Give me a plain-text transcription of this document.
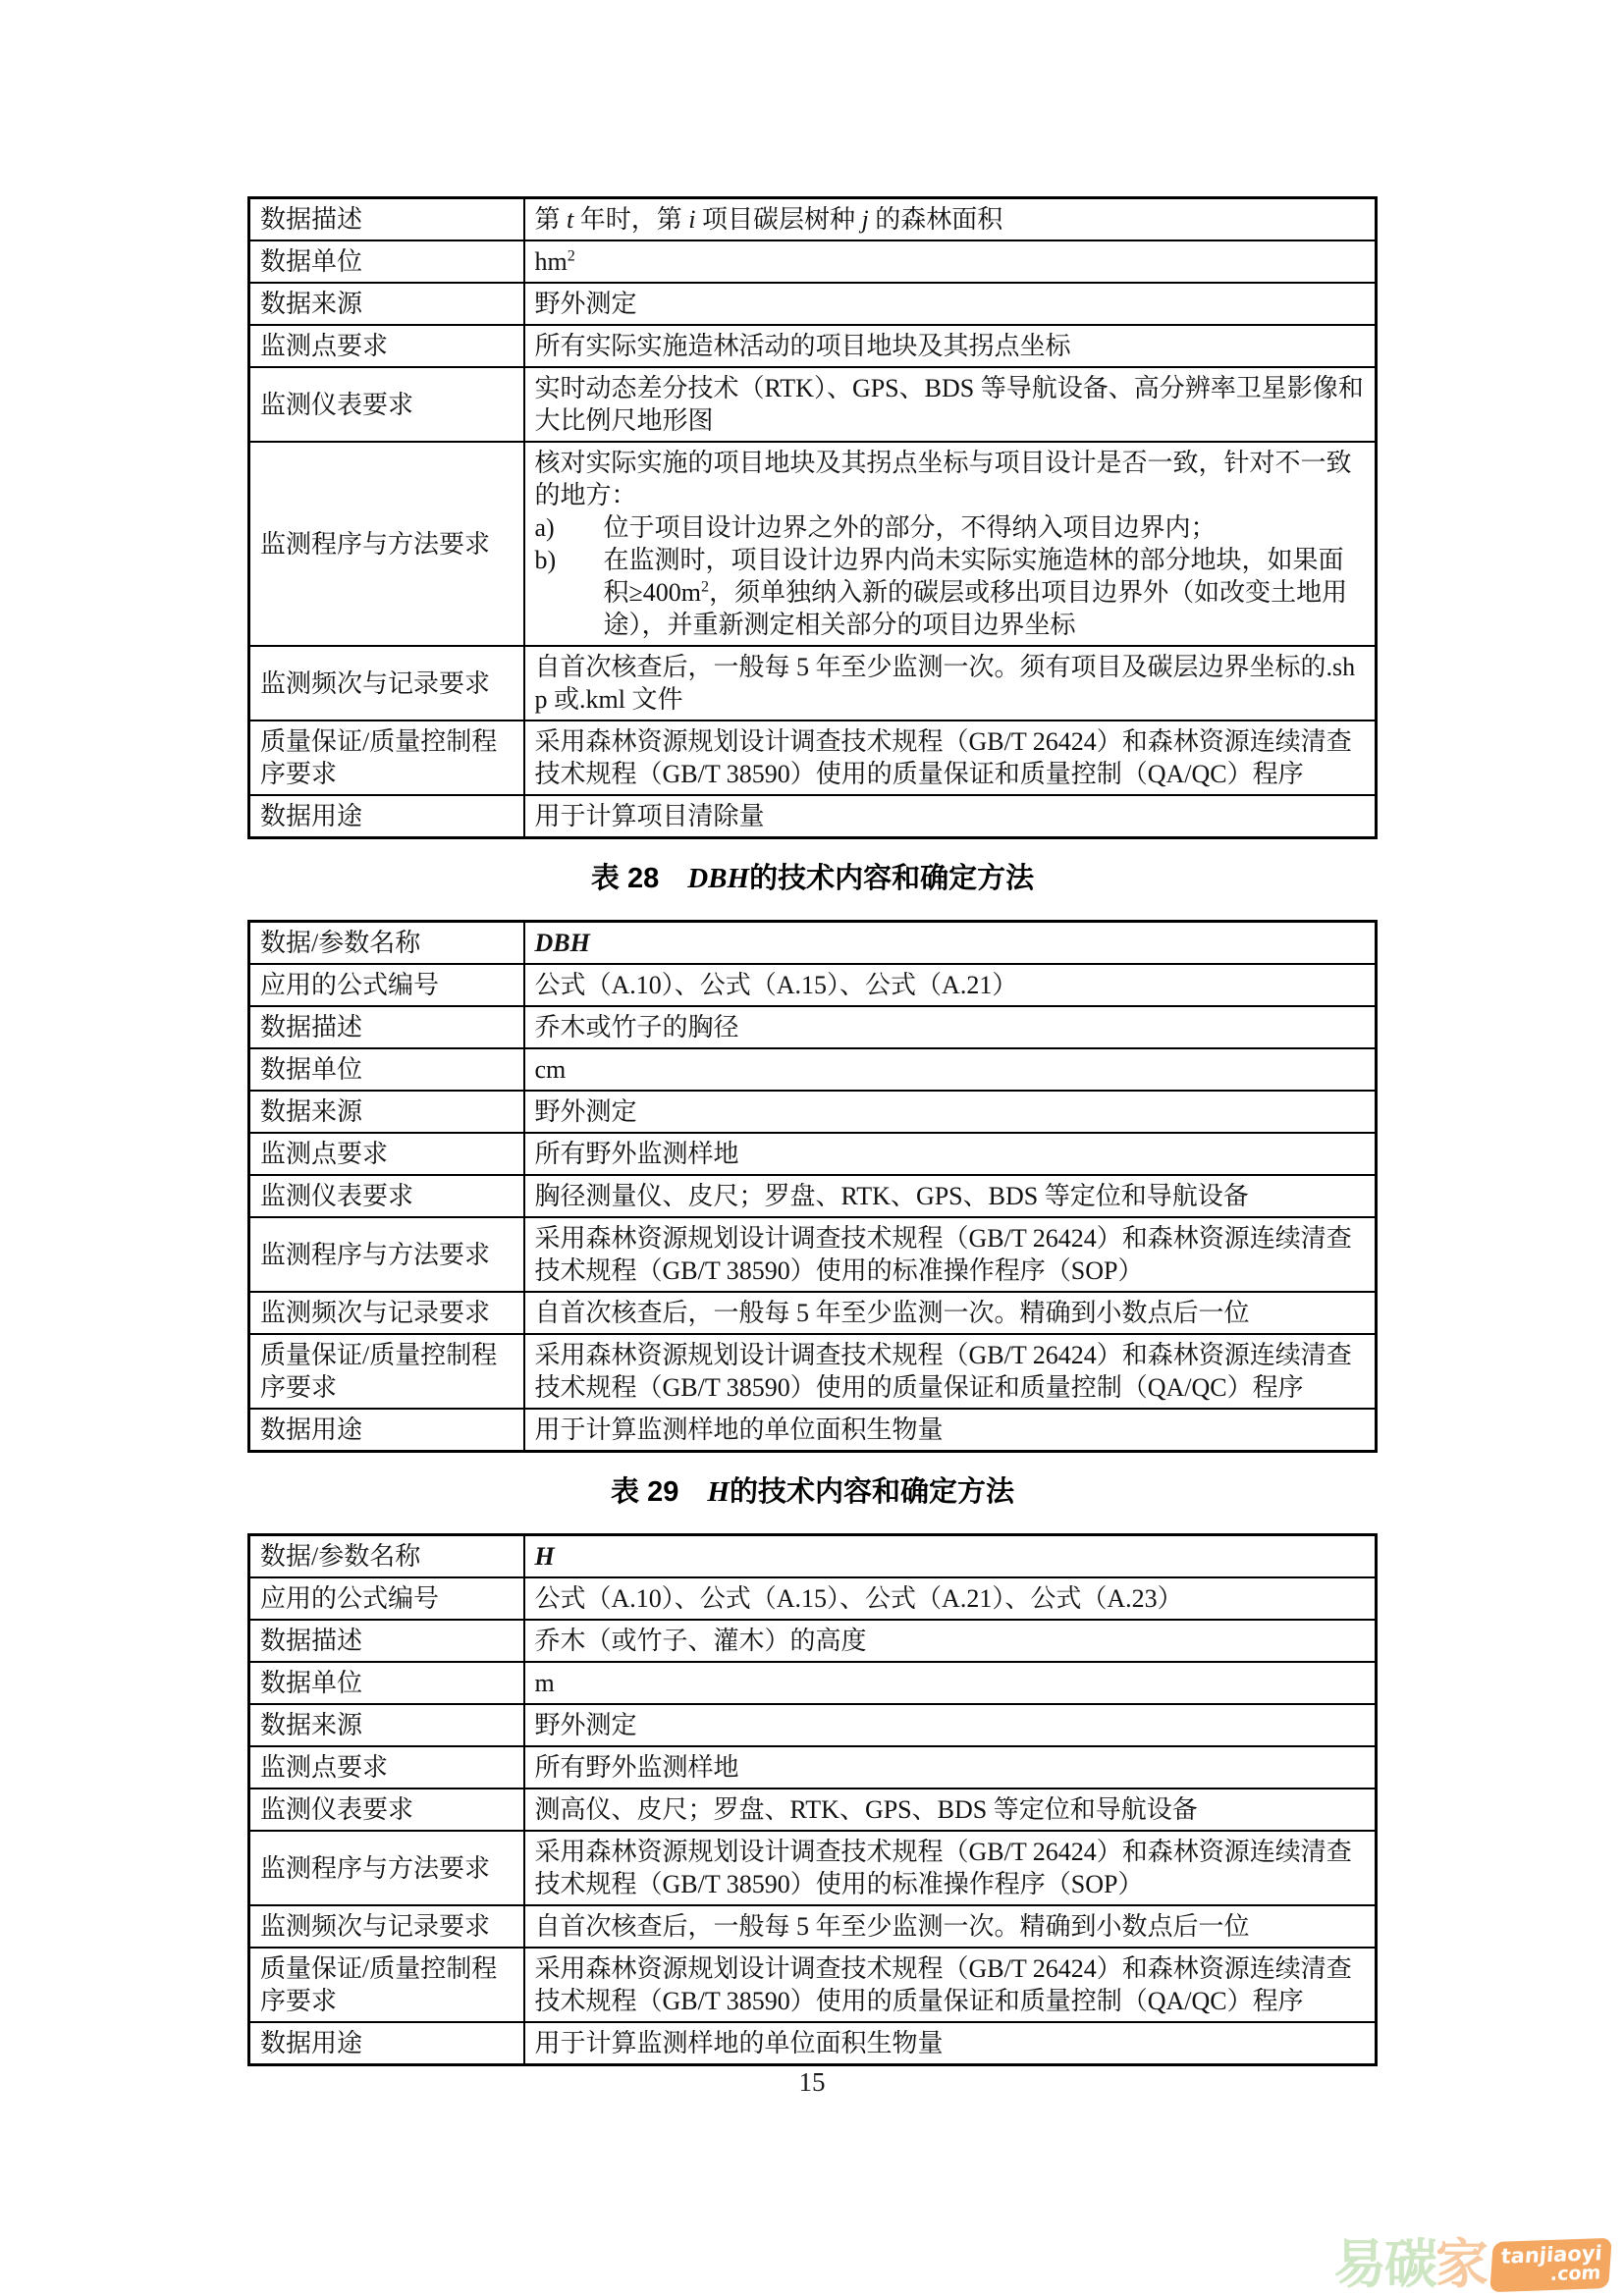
数据描述	第 t 年时，第 i 项目碳层树种 j 的森林面积

数据单位	$hm^2$

数据来源	野外测定

监测点要求	所有实际实施造林活动的项目地块及其拐点坐标

监测仪表要求	实时动态差分技术（RTK）、GPS、BDS 等导航设备、高分辨率卫星影像和大比例尺地形图

监测程序与方法要求	核对实际实施的项目地块及其拐点坐标与项目设计是否一致，针对不一致的地方：
a) 位于项目设计边界之外的部分，不得纳入项目边界内；
b) 在监测时，项目设计边界内尚未实际实施造林的部分地块，如果面积$\ge 400m^2$，须单独纳入新的碳层或移出项目边界外（如改变土地用途），并重新测定相关部分的项目边界坐标

监测频次与记录要求	自首次核查后，一般每 5 年至少监测一次。须有项目及碳层边界坐标的.shp 或.kml 文件

质量保证/质量控制程序要求	采用森林资源规划设计调查技术规程（GB/T 26424）和森林资源连续清查技术规程（GB/T 38590）使用的质量保证和质量控制（QA/QC）程序

数据用途	用于计算项目清除量
表 28　DBH的技术内容和确定方法
数据/参数名称	DBH

应用的公式编号	公式（A.10）、公式（A.15）、公式（A.21）

数据描述	乔木或竹子的胸径

数据单位	cm

数据来源	野外测定

监测点要求	所有野外监测样地

监测仪表要求	胸径测量仪、皮尺；罗盘、RTK、GPS、BDS 等定位和导航设备

监测程序与方法要求	采用森林资源规划设计调查技术规程（GB/T 26424）和森林资源连续清查技术规程（GB/T 38590）使用的标准操作程序（SOP）

监测频次与记录要求	自首次核查后，一般每 5 年至少监测一次。精确到小数点后一位

质量保证/质量控制程序要求	采用森林资源规划设计调查技术规程（GB/T 26424）和森林资源连续清查技术规程（GB/T 38590）使用的质量保证和质量控制（QA/QC）程序

数据用途	用于计算监测样地的单位面积生物量
表 29　H的技术内容和确定方法
数据/参数名称	H

应用的公式编号	公式（A.10）、公式（A.15）、公式（A.21）、公式（A.23）

数据描述	乔木（或竹子、灌木）的高度

数据单位	m

数据来源	野外测定

监测点要求	所有野外监测样地

监测仪表要求	测高仪、皮尺；罗盘、RTK、GPS、BDS 等定位和导航设备

监测程序与方法要求	采用森林资源规划设计调查技术规程（GB/T 26424）和森林资源连续清查技术规程（GB/T 38590）使用的标准操作程序（SOP）

监测频次与记录要求	自首次核查后，一般每 5 年至少监测一次。精确到小数点后一位

质量保证/质量控制程序要求	采用森林资源规划设计调查技术规程（GB/T 26424）和森林资源连续清查技术规程（GB/T 38590）使用的质量保证和质量控制（QA/QC）程序

数据用途	用于计算监测样地的单位面积生物量
15
易 碳 家 tanjiaoyi
.com
